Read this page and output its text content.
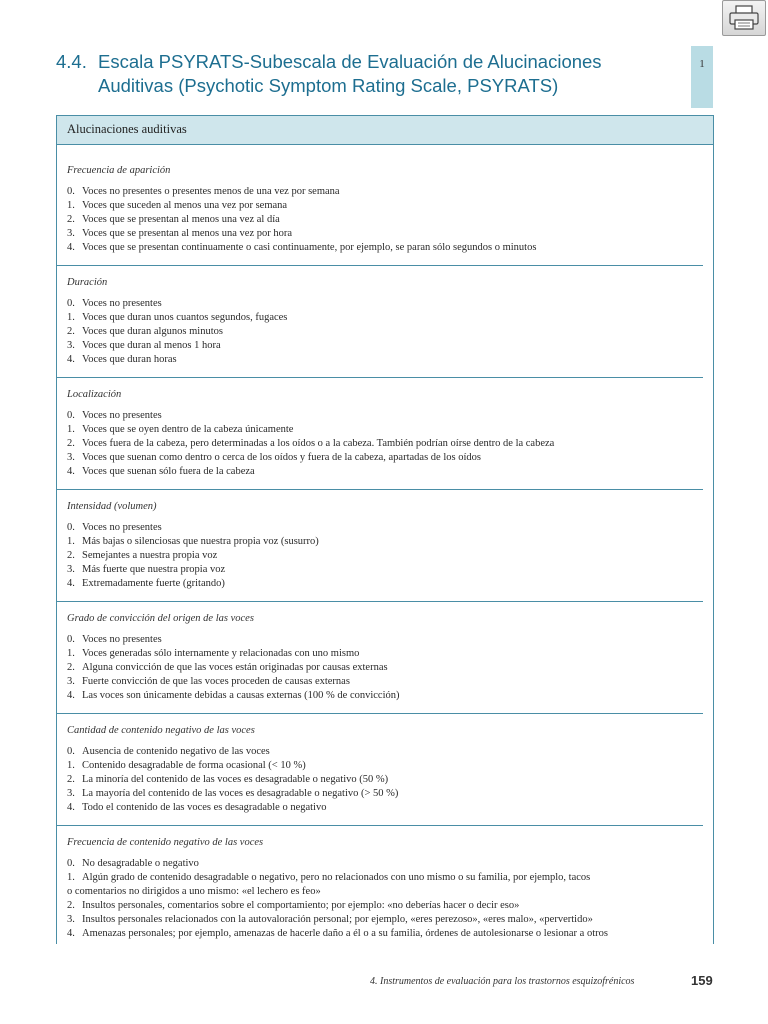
1
4.4. Escala PSYRATS-Subescala de Evaluación de Alucinaciones
Auditivas (Psychotic Symptom Rating Scale, PSYRATS)
Alucinaciones auditivas
Frecuencia de aparición
0. Voces no presentes o presentes menos de una vez por semana
1. Voces que suceden al menos una vez por semana
2. Voces que se presentan al menos una vez al día
3. Voces que se presentan al menos una vez por hora
4. Voces que se presentan continuamente o casi continuamente, por ejemplo, se paran sólo segundos o minutos
Duración
0. Voces no presentes
1. Voces que duran unos cuantos segundos, fugaces
2. Voces que duran algunos minutos
3. Voces que duran al menos 1 hora
4. Voces que duran horas
Localización
0. Voces no presentes
1. Voces que se oyen dentro de la cabeza únicamente
2. Voces fuera de la cabeza, pero determinadas a los oídos o a la cabeza. También podrían oírse dentro de la cabeza
3. Voces que suenan como dentro o cerca de los oídos y fuera de la cabeza, apartadas de los oídos
4. Voces que suenan sólo fuera de la cabeza
Intensidad (volumen)
0. Voces no presentes
1. Más bajas o silenciosas que nuestra propia voz (susurro)
2. Semejantes a nuestra propia voz
3. Más fuerte que nuestra propia voz
4. Extremadamente fuerte (gritando)
Grado de convicción del origen de las voces
0. Voces no presentes
1. Voces generadas sólo internamente y relacionadas con uno mismo
2. Alguna convicción de que las voces están originadas por causas externas
3. Fuerte convicción de que las voces proceden de causas externas
4. Las voces son únicamente debidas a causas externas (100 % de convicción)
Cantidad de contenido negativo de las voces
0. Ausencia de contenido negativo de las voces
1. Contenido desagradable de forma ocasional (< 10 %)
2. La minoría del contenido de las voces es desagradable o negativo (50 %)
3. La mayoría del contenido de las voces es desagradable o negativo (> 50 %)
4. Todo el contenido de las voces es desagradable o negativo
Frecuencia de contenido negativo de las voces
0. No desagradable o negativo
1. Algún grado de contenido desagradable o negativo, pero no relacionados con uno mismo o su familia, por ejemplo, tacos
o comentarios no dirigidos a uno mismo: «el lechero es feo»
2. Insultos personales, comentarios sobre el comportamiento; por ejemplo: «no deberías hacer o decir eso»
3. Insultos personales relacionados con la autovaloración personal; por ejemplo, «eres perezoso», «eres malo», «pervertido»
4. Amenazas personales; por ejemplo, amenazas de hacerle daño a él o a su familia, órdenes de autolesionarse o lesionar a otros
4. Instrumentos de evaluación para los trastornos esquizofrénicos	159
